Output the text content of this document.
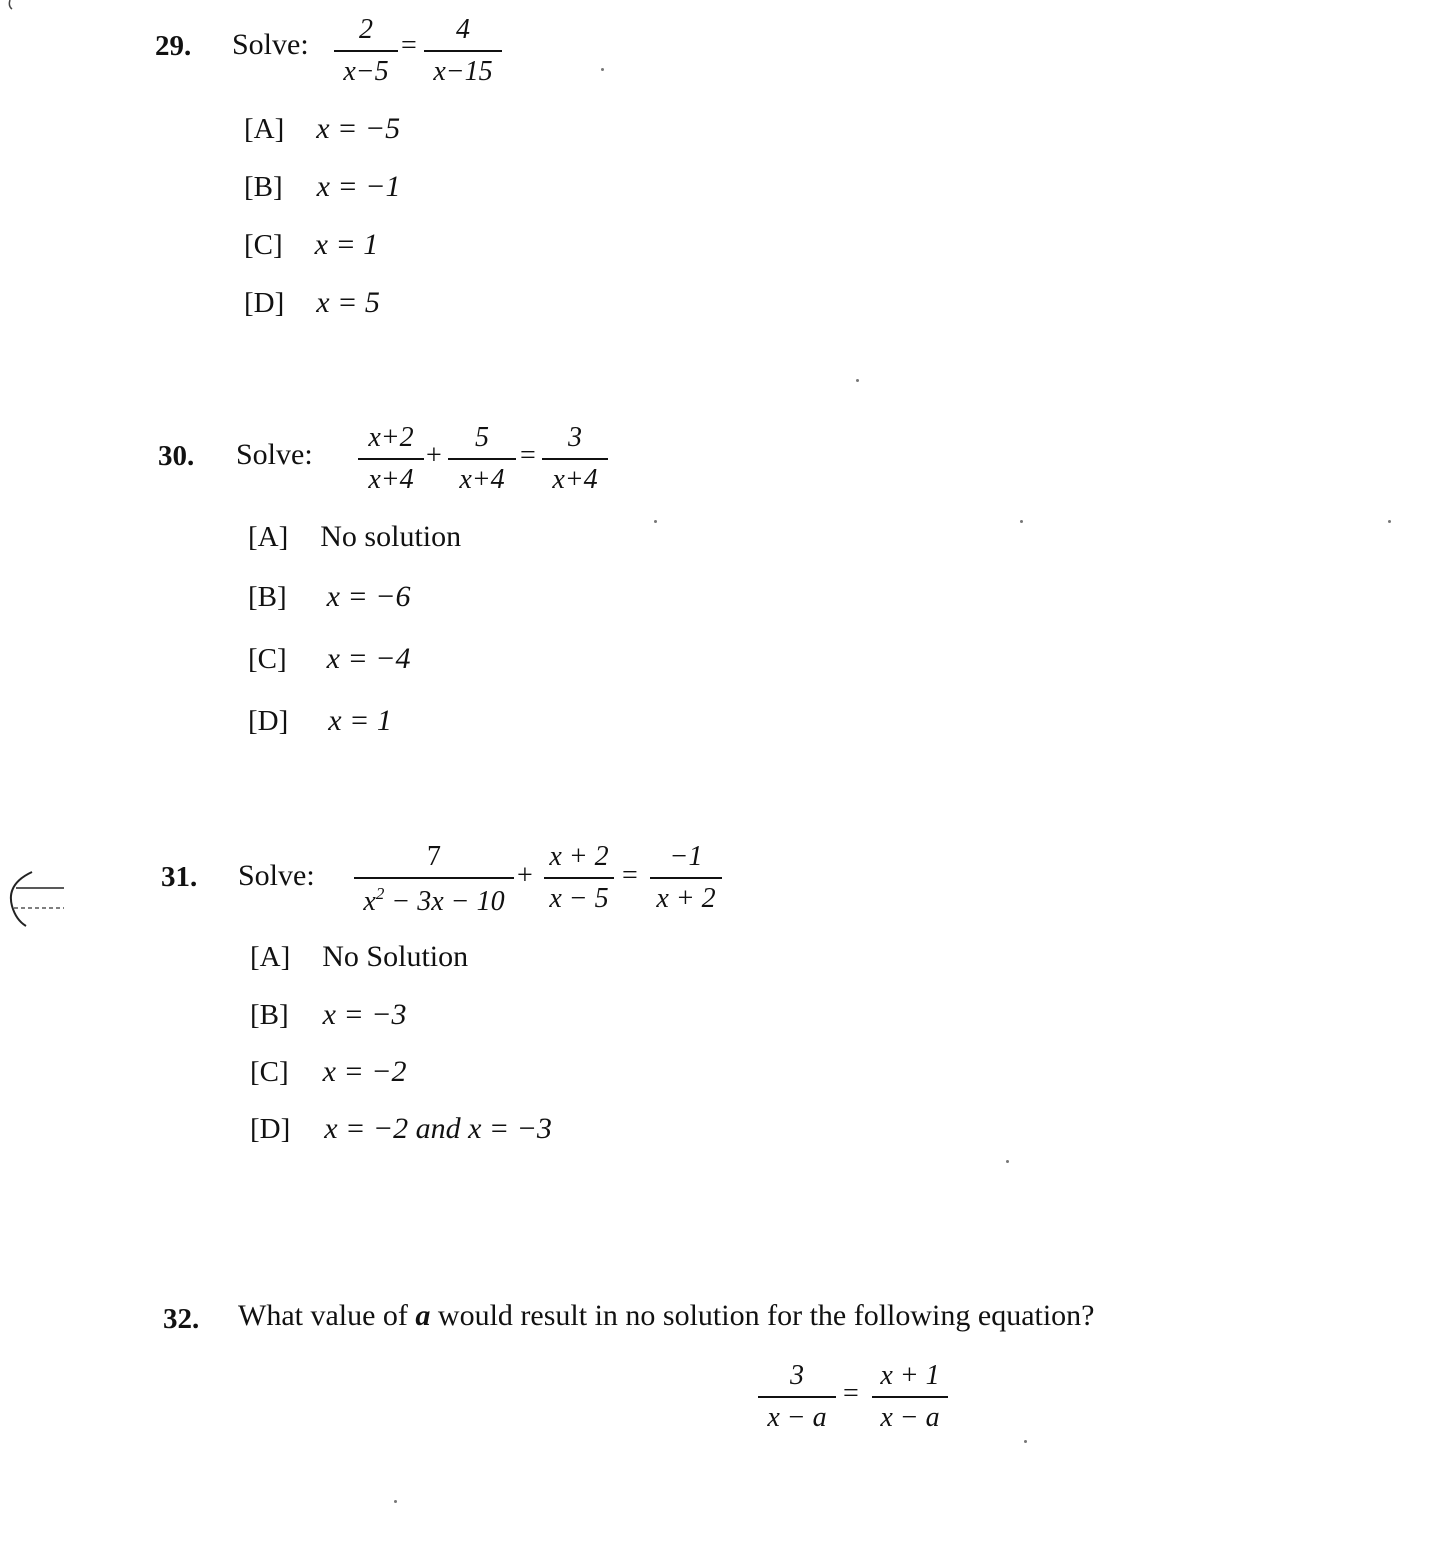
29. Solve:	2
x−5
=
4
x−15
[A] x = −5
[B] x = −1
[C] x = 1
[D] x = 5
30. Solve:
x+2
x+4
+
5
x+4
=
3
x+4
[A] No solution
[B] x = −6
[C] x = −4
[D] x = 1
31. Solve:
7
$x^2 - 3x - 10$
+
x + 2
x − 5
=
−1
x + 2
[A] No Solution
[B] x = −3
[C] x = −2
[D] x = −2 and x = −3
32. What value of a would result in no solution for the following equation?
3
x − a
=
x + 1
x − a
